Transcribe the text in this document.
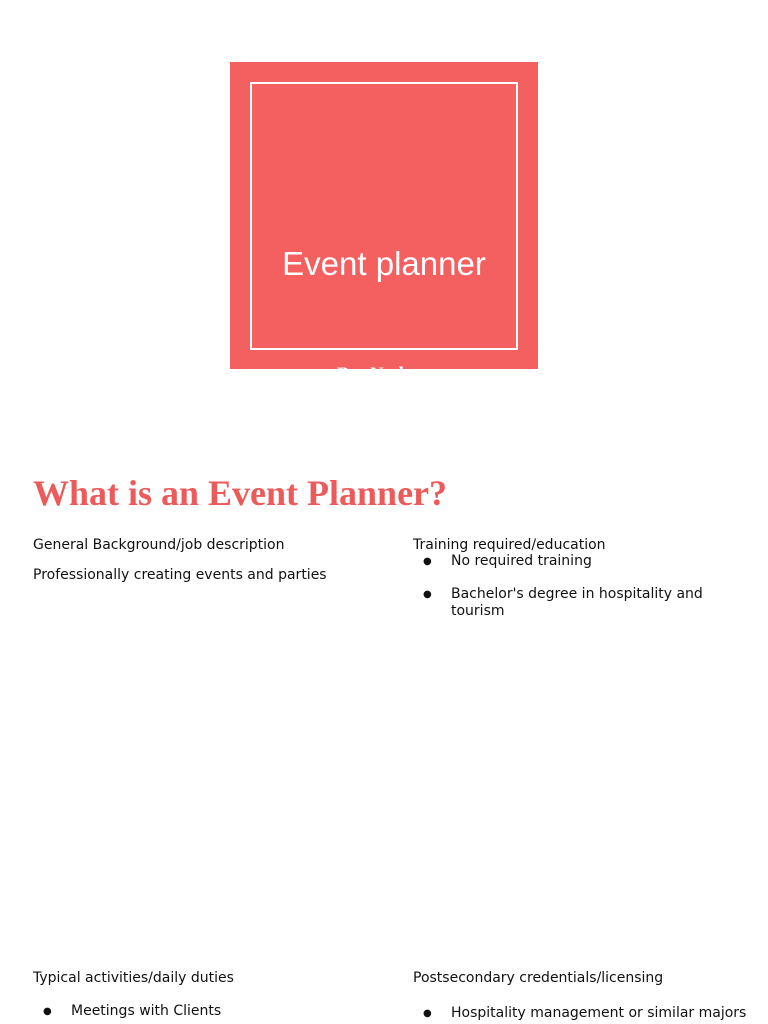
Event planner
By: Nadeen
What is an Event Planner?
General Background/job description
Professionally creating events and parties
Training required/education
● No required training
● Bachelor's degree in hospitality and tourism
Typical activities/daily duties
● Meetings with Clients
Postsecondary credentials/licensing
● Hospitality management or similar majors
